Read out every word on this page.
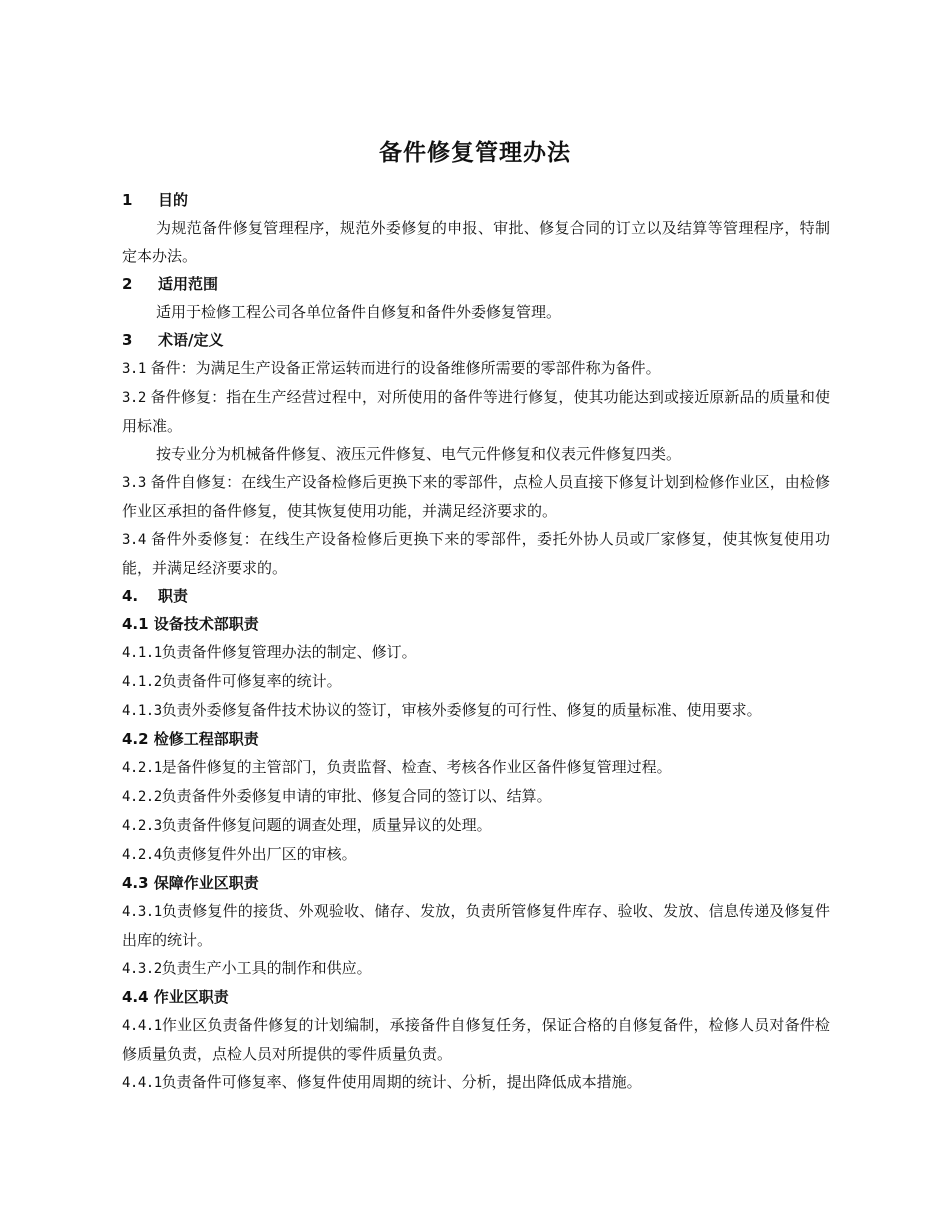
备件修复管理办法
1 目的
为规范备件修复管理程序，规范外委修复的申报、审批、修复合同的订立以及结算等管理程序，特制定本办法。
2 适用范围
适用于检修工程公司各单位备件自修复和备件外委修复管理。
3 术语/定义
3.1 备件：为满足生产设备正常运转而进行的设备维修所需要的零部件称为备件。
3.2 备件修复：指在生产经营过程中，对所使用的备件等进行修复，使其功能达到或接近原新品的质量和使用标准。
按专业分为机械备件修复、液压元件修复、电气元件修复和仪表元件修复四类。
3.3 备件自修复：在线生产设备检修后更换下来的零部件，点检人员直接下修复计划到检修作业区，由检修作业区承担的备件修复，使其恢复使用功能，并满足经济要求的。
3.4 备件外委修复：在线生产设备检修后更换下来的零部件，委托外协人员或厂家修复，使其恢复使用功能，并满足经济要求的。
4. 职责
4.1 设备技术部职责
4.1.1负责备件修复管理办法的制定、修订。
4.1.2负责备件可修复率的统计。
4.1.3负责外委修复备件技术协议的签订，审核外委修复的可行性、修复的质量标准、使用要求。
4.2 检修工程部职责
4.2.1是备件修复的主管部门，负责监督、检查、考核各作业区备件修复管理过程。
4.2.2负责备件外委修复申请的审批、修复合同的签订以、结算。
4.2.3负责备件修复问题的调查处理，质量异议的处理。
4.2.4负责修复件外出厂区的审核。
4.3 保障作业区职责
4.3.1负责修复件的接货、外观验收、储存、发放，负责所管修复件库存、验收、发放、信息传递及修复件出库的统计。
4.3.2负责生产小工具的制作和供应。
4.4 作业区职责
4.4.1作业区负责备件修复的计划编制，承接备件自修复任务，保证合格的自修复备件，检修人员对备件检修质量负责，点检人员对所提供的零件质量负责。
4.4.1负责备件可修复率、修复件使用周期的统计、分析，提出降低成本措施。
